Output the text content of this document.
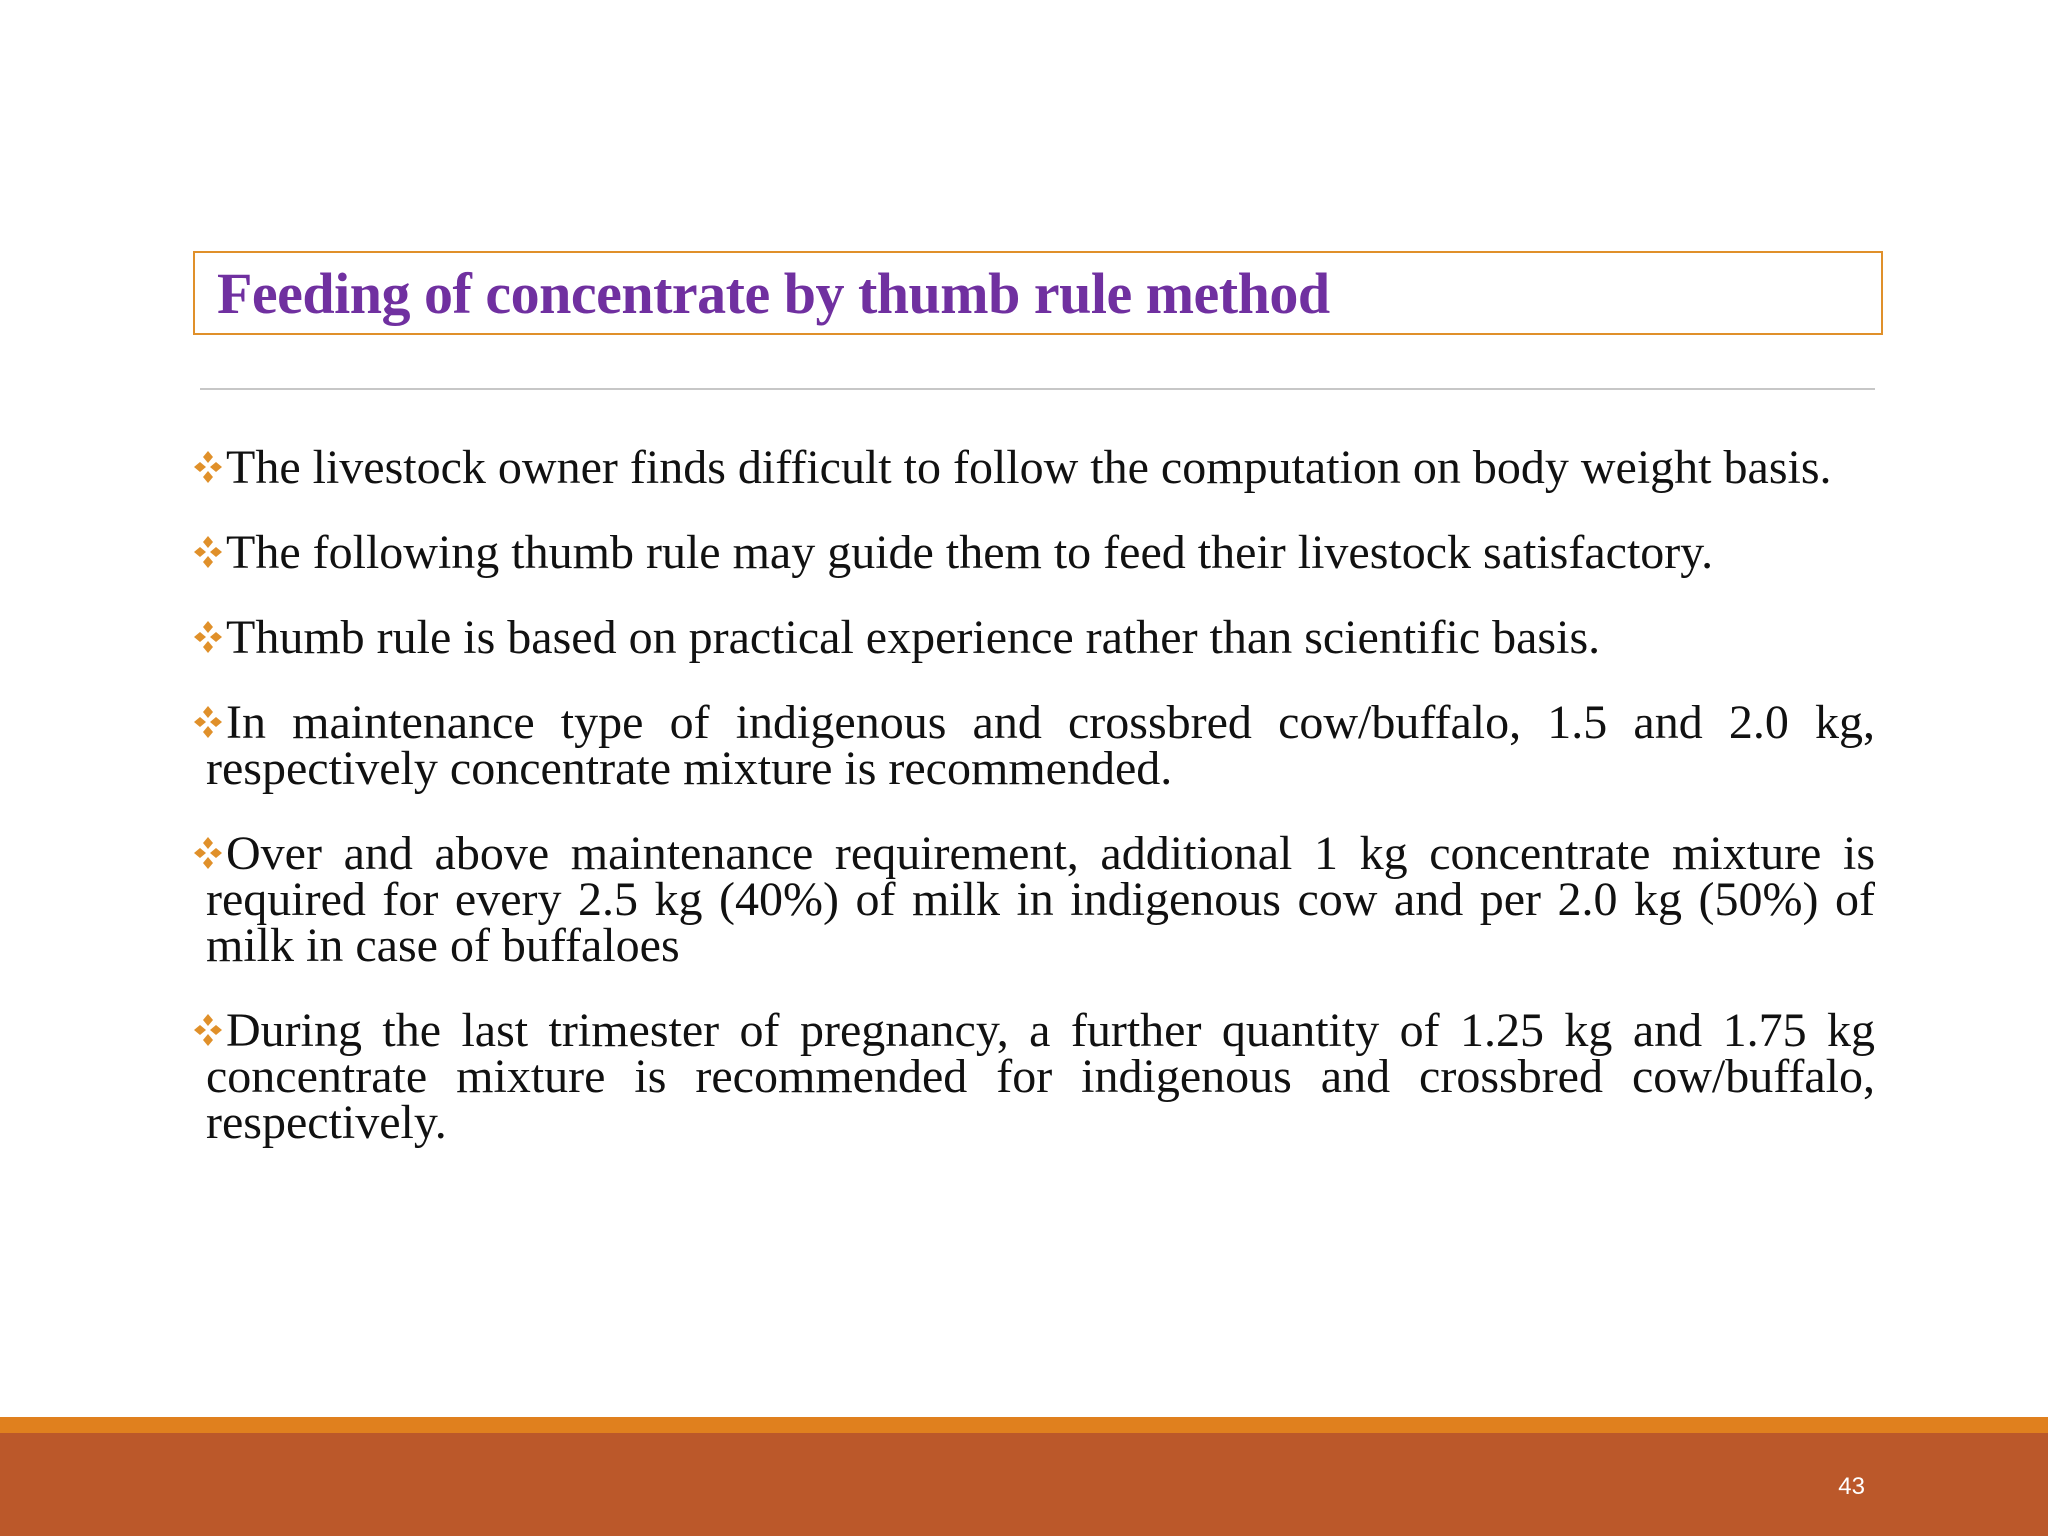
Feeding of concentrate by thumb rule method
The livestock owner finds difficult to follow the computation on body weight basis.
The following thumb rule may guide them to feed their livestock satisfactory.
Thumb rule is based on practical experience rather than scientific basis.
In maintenance type of indigenous and crossbred cow/buffalo, 1.5 and 2.0 kg, respectively concentrate mixture is recommended.
Over and above maintenance requirement, additional 1 kg concentrate mixture is required for every 2.5 kg (40%) of milk in indigenous cow and per 2.0 kg (50%) of milk in case of buffaloes
During the last trimester of pregnancy, a further quantity of 1.25 kg and 1.75 kg concentrate mixture is recommended for indigenous and crossbred cow/buffalo, respectively.
43
